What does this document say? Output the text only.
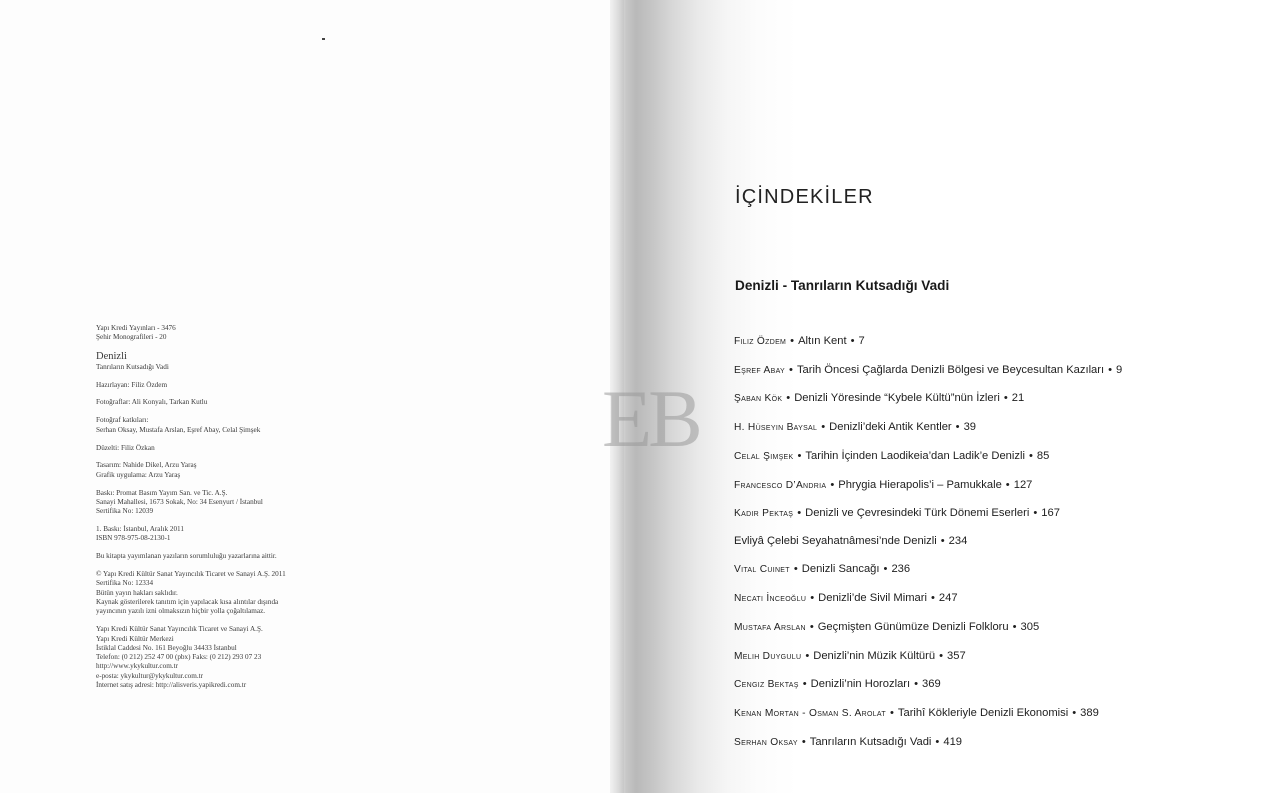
Yapı Kredi Yayınları - 3476
Şehir Monografileri - 20
Denizli
Tanrıların Kutsadığı Vadi
Hazırlayan: Filiz Özdem
Fotoğraflar: Ali Konyalı, Tarkan Kutlu
Fotoğraf katkıları:
Serhan Oksay, Mustafa Arslan, Eşref Abay, Celal Şimşek
Düzelti: Filiz Özkan
Tasarım: Nahide Dikel, Arzu Yaraş
Grafik uygulama: Arzu Yaraş
Baskı: Promat Basım Yayım San. ve Tic. A.Ş.
Sanayi Mahallesi, 1673 Sokak, No: 34 Esenyurt / İstanbul
Sertifika No: 12039
1. Baskı: İstanbul, Aralık 2011
ISBN 978-975-08-2130-1
Bu kitapta yayımlanan yazıların sorumluluğu yazarlarına aittir.
© Yapı Kredi Kültür Sanat Yayıncılık Ticaret ve Sanayi A.Ş. 2011
Sertifika No: 12334
Bütün yayın hakları saklıdır.
Kaynak gösterilerek tanıtım için yapılacak kısa alıntılar dışında
yayıncının yazılı izni olmaksızın hiçbir yolla çoğaltılamaz.
Yapı Kredi Kültür Sanat Yayıncılık Ticaret ve Sanayi A.Ş.
Yapı Kredi Kültür Merkezi
İstiklal Caddesi No. 161 Beyoğlu 34433 İstanbul
Telefon: (0 212) 252 47 00 (pbx) Faks: (0 212) 293 07 23
http://www.ykykultur.com.tr
e-posta: ykykultur@ykykultur.com.tr
İnternet satış adresi: http://alisveris.yapikredi.com.tr
EB
İÇİNDEKİLER
Denizli - Tanrıların Kutsadığı Vadi
Filiz Özdem • Altın Kent • 7
Eşref Abay • Tarih Öncesi Çağlarda Denizli Bölgesi ve Beycesultan Kazıları • 9
Şaban Kök • Denizli Yöresinde “Kybele Kültü”nün İzleri • 21
H. Hüseyin Baysal • Denizli’deki Antik Kentler • 39
Celal Şimşek • Tarihin İçinden Laodikeia’dan Ladik’e Denizli • 85
Francesco D’Andria • Phrygia Hierapolis’i – Pamukkale • 127
Kadir Pektaş • Denizli ve Çevresindeki Türk Dönemi Eserleri • 167
Evliyâ Çelebi Seyahatnâmesi’nde Denizli • 234
Vital Cuinet • Denizli Sancağı • 236
Necati İnceoğlu • Denizli’de Sivil Mimari • 247
Mustafa Arslan • Geçmişten Günümüze Denizli Folkloru • 305
Melih Duygulu • Denizli’nin Müzik Kültürü • 357
Cengiz Bektaş • Denizli’nin Horozları • 369
Kenan Mortan - Osman S. Arolat • Tarihî Kökleriyle Denizli Ekonomisi • 389
Serhan Oksay • Tanrıların Kutsadığı Vadi • 419
